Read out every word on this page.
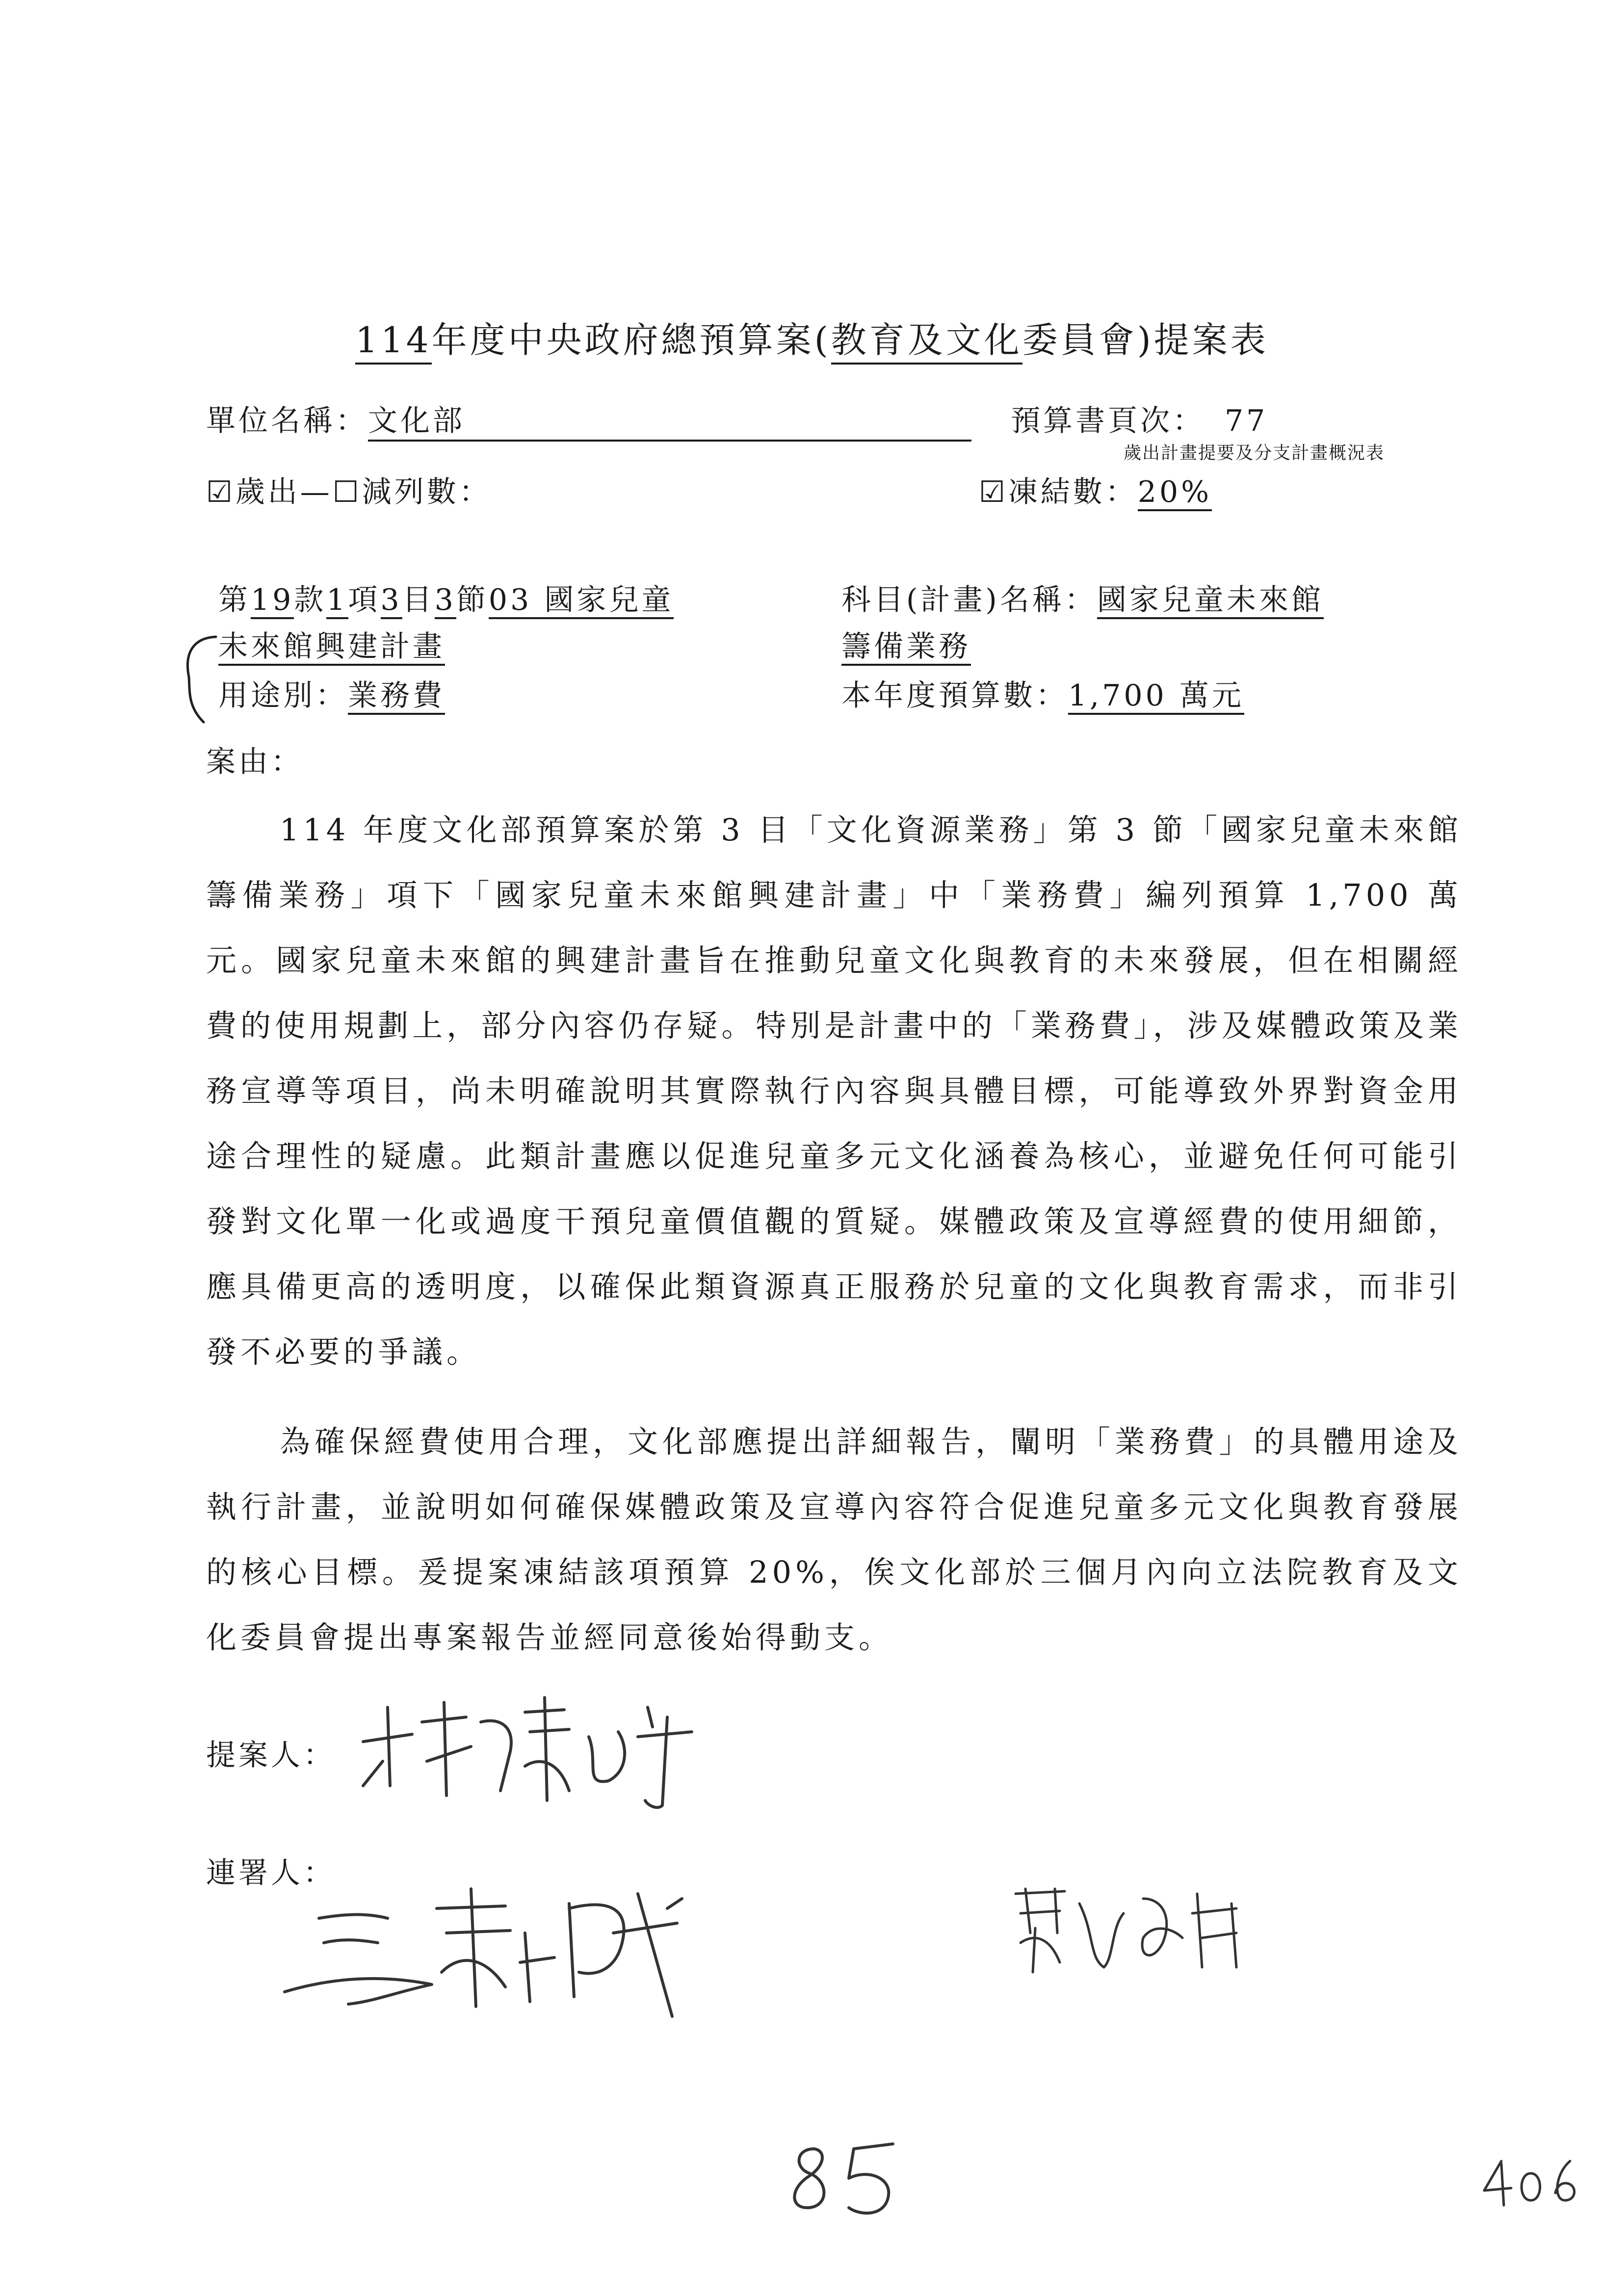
114年度中央政府總預算案(教育及文化委員會)提案表
單位名稱：文化部	預算書頁次： 77
歲出計畫提要及分支計畫概況表
☑歲出—☐減列數：	☑凍結數：20%
第19款1項3目3節03 國家兒童
未來館興建計畫
用途別：業務費
科目(計畫)名稱：國家兒童未來館
籌備業務
本年度預算數：1,700 萬元
案由：

114 年度文化部預算案於第 3 目「文化資源業務」第 3 節「國家兒童未來館籌備業務」項下「國家兒童未來館興建計畫」中「業務費」編列預算 1,700 萬元。國家兒童未來館的興建計畫旨在推動兒童文化與教育的未來發展，但在相關經費的使用規劃上，部分內容仍存疑。特別是計畫中的「業務費」，涉及媒體政策及業務宣導等項目，尚未明確說明其實際執行內容與具體目標，可能導致外界對資金用途合理性的疑慮。此類計畫應以促進兒童多元文化涵養為核心，並避免任何可能引發對文化單一化或過度干預兒童價值觀的質疑。媒體政策及宣導經費的使用細節，應具備更高的透明度，以確保此類資源真正服務於兒童的文化與教育需求，而非引發不必要的爭議。

為確保經費使用合理，文化部應提出詳細報告，闡明「業務費」的具體用途及執行計畫，並說明如何確保媒體政策及宣導內容符合促進兒童多元文化與教育發展的核心目標。爰提案凍結該項預算 20%，俟文化部於三個月內向立法院教育及文化委員會提出專案報告並經同意後始得動支。

提案人：
連署人：
